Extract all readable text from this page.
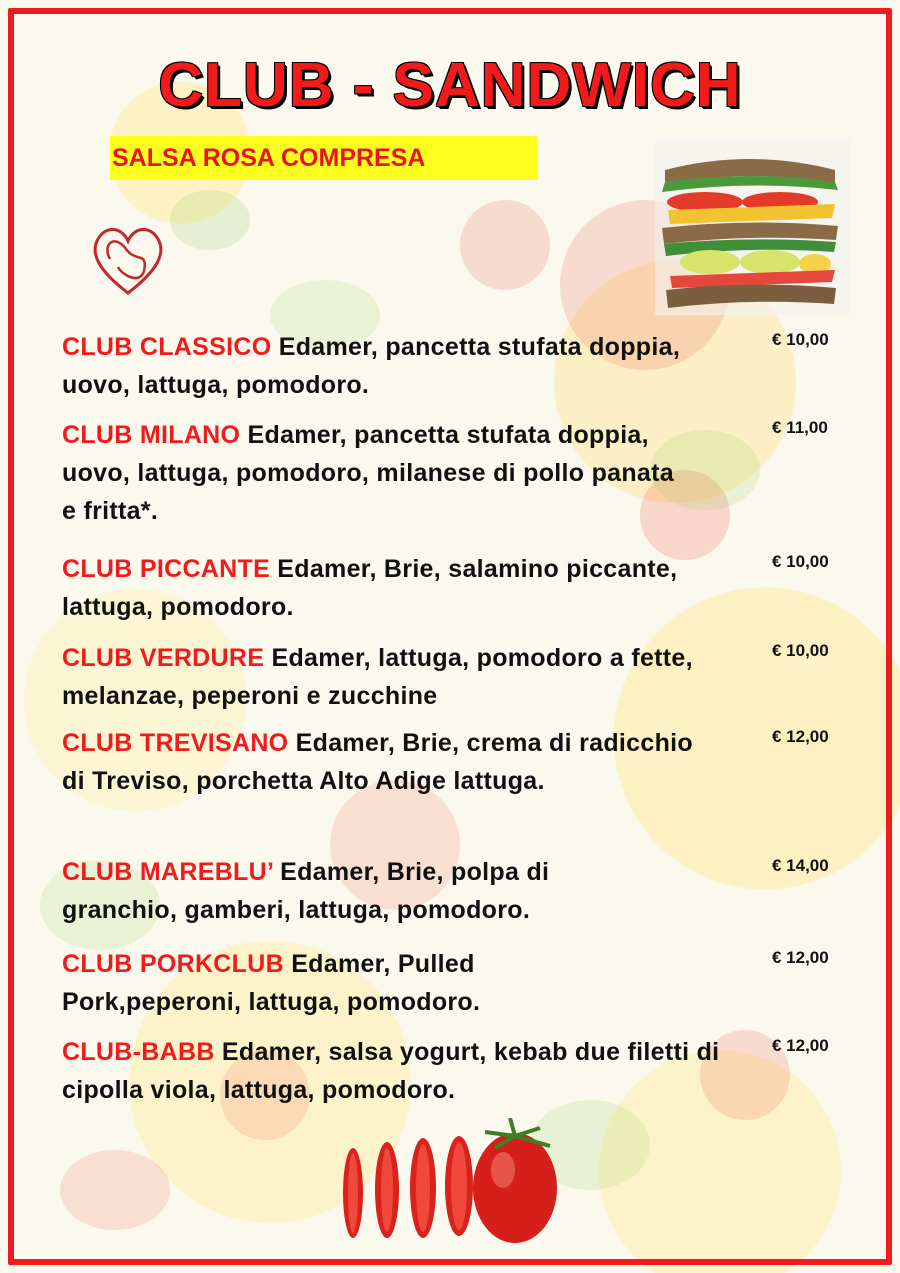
CLUB - SANDWICH
SALSA ROSA COMPRESA

CLUB CLASSICO Edamer, pancetta stufata doppia, uovo, lattuga, pomodoro.

€ 10,00

CLUB MILANO Edamer, pancetta stufata doppia, uovo, lattuga, pomodoro, milanese di pollo panata e fritta*.

€ 11,00

CLUB PICCANTE Edamer, Brie, salamino piccante, lattuga, pomodoro.

€ 10,00

CLUB VERDURE Edamer, lattuga, pomodoro a fette, melanzae, peperoni e zucchine

€ 10,00

CLUB TREVISANO Edamer, Brie, crema di radicchio di Treviso, porchetta Alto Adige lattuga.

€ 12,00

CLUB MAREBLU’ Edamer, Brie, polpa di granchio, gamberi, lattuga, pomodoro.

€ 14,00

CLUB PORKCLUB Edamer, Pulled Pork,peperoni, lattuga, pomodoro.

€ 12,00

CLUB-BABB Edamer, salsa yogurt, kebab due filetti di cipolla viola, lattuga, pomodoro.

€ 12,00
